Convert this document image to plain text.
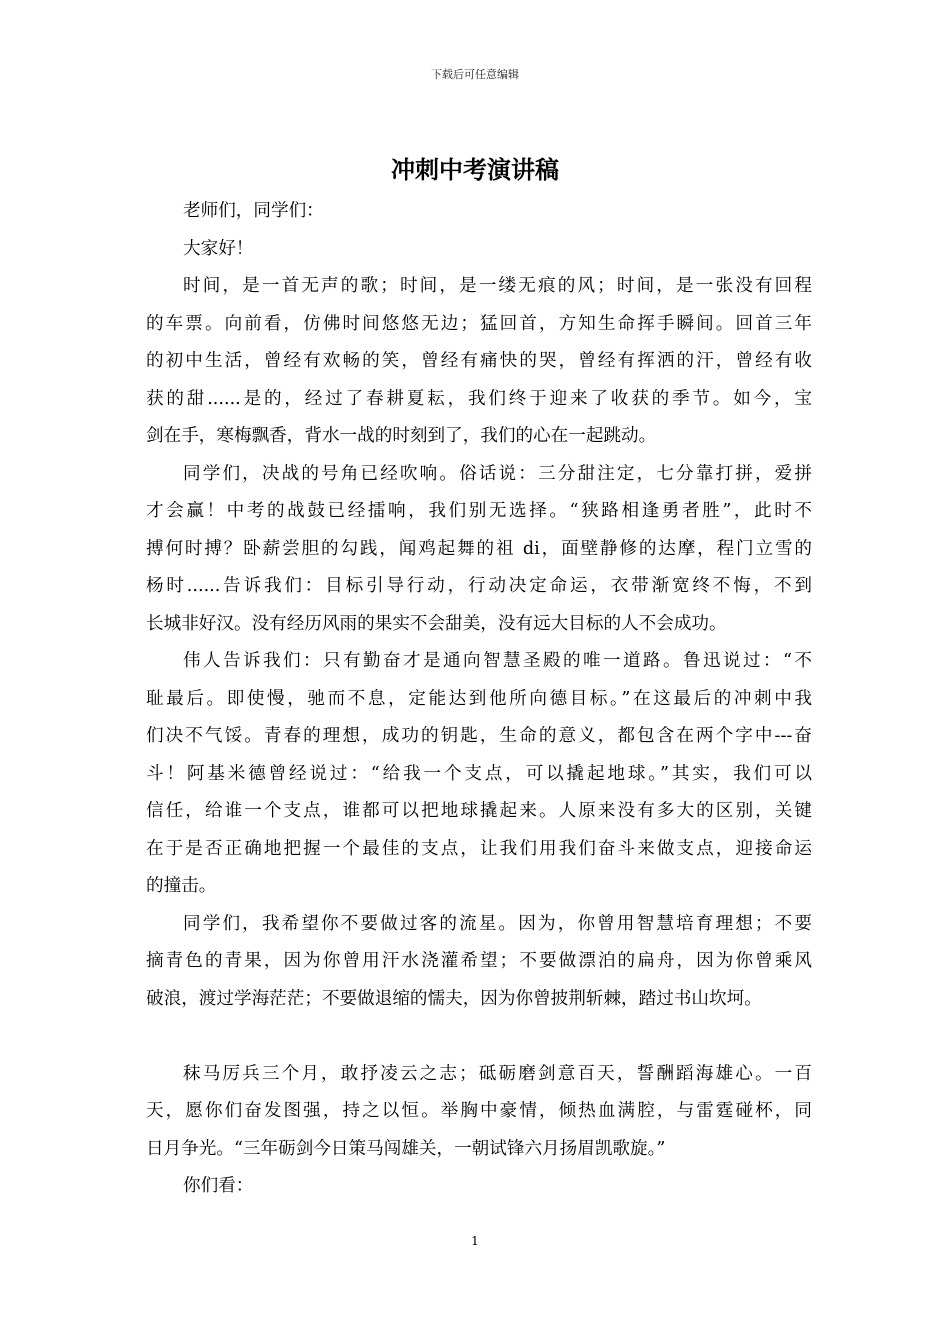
下载后可任意编辑
冲刺中考演讲稿
老师们，同学们：
大家好！
时间，是一首无声的歌；时间，是一缕无痕的风；时间，是一张没有回程
的车票。向前看，仿佛时间悠悠无边；猛回首，方知生命挥手瞬间。回首三年
的初中生活，曾经有欢畅的笑，曾经有痛快的哭，曾经有挥洒的汗，曾经有收
获的甜......是的，经过了春耕夏耘，我们终于迎来了收获的季节。如今，宝
剑在手，寒梅飘香，背水一战的时刻到了，我们的心在一起跳动。
同学们，决战的号角已经吹响。俗话说：三分甜注定，七分靠打拼，爱拼
才会赢！中考的战鼓已经擂响，我们别无选择。“狭路相逢勇者胜”，此时不
搏何时搏？卧薪尝胆的勾践，闻鸡起舞的祖 di，面壁静修的达摩，程门立雪的
杨时......告诉我们：目标引导行动，行动决定命运，衣带渐宽终不悔，不到
长城非好汉。没有经历风雨的果实不会甜美，没有远大目标的人不会成功。
伟人告诉我们：只有勤奋才是通向智慧圣殿的唯一道路。鲁迅说过：“不
耻最后。即使慢，驰而不息，定能达到他所向德目标。”在这最后的冲刺中我
们决不气馁。青春的理想，成功的钥匙，生命的意义，都包含在两个字中---奋
斗！阿基米德曾经说过：“给我一个支点，可以撬起地球。”其实，我们可以
信任，给谁一个支点，谁都可以把地球撬起来。人原来没有多大的区别，关键
在于是否正确地把握一个最佳的支点，让我们用我们奋斗来做支点，迎接命运
的撞击。
同学们，我希望你不要做过客的流星。因为，你曾用智慧培育理想；不要
摘青色的青果，因为你曾用汗水浇灌希望；不要做漂泊的扁舟，因为你曾乘风
破浪，渡过学海茫茫；不要做退缩的懦夫，因为你曾披荆斩棘，踏过书山坎坷。
秣马厉兵三个月，敢抒凌云之志；砥砺磨剑意百天，誓酬蹈海雄心。一百
天，愿你们奋发图强，持之以恒。举胸中豪情，倾热血满腔，与雷霆碰杯，同
日月争光。“三年砺剑今日策马闯雄关，一朝试锋六月扬眉凯歌旋。”
你们看：
1
